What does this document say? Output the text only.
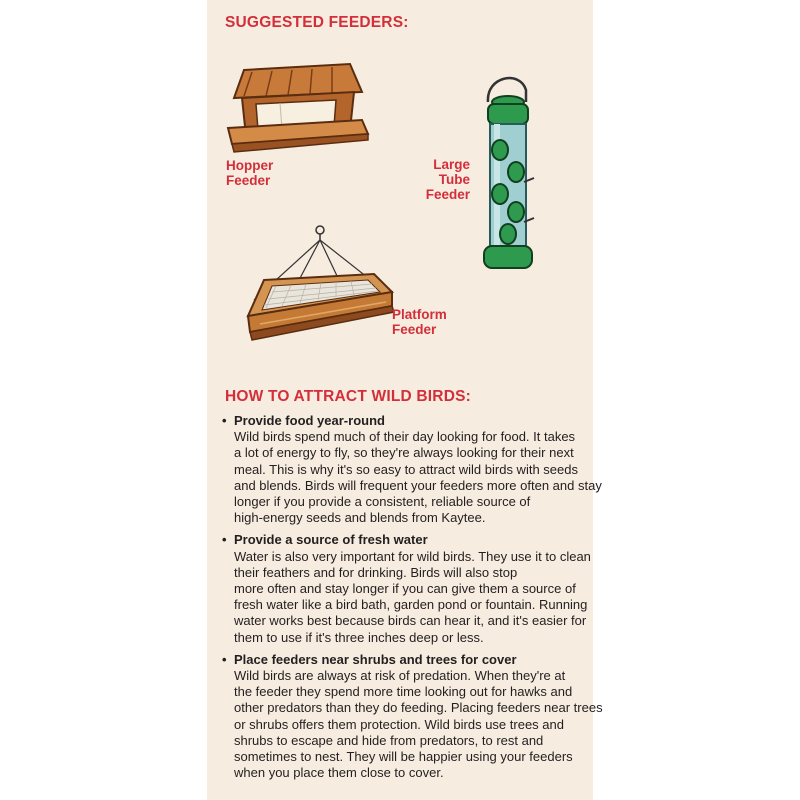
SUGGESTED FEEDERS:
Hopper
Feeder
Large
Tube
Feeder
Platform
Feeder
HOW TO ATTRACT WILD BIRDS:
• Provide food year-round
Wild birds spend much of their day looking for food. It takes
a lot of energy to fly, so they're always looking for their next
meal. This is why it's so easy to attract wild birds with seeds
and blends. Birds will frequent your feeders more often and stay
longer if you provide a consistent, reliable source of
high-energy seeds and blends from Kaytee.
• Provide a source of fresh water
Water is also very important for wild birds. They use it to clean
their feathers and for drinking. Birds will also stop
more often and stay longer if you can give them a source of
fresh water like a bird bath, garden pond or fountain. Running
water works best because birds can hear it, and it's easier for
them to use if it's three inches deep or less.
• Place feeders near shrubs and trees for cover
Wild birds are always at risk of predation. When they're at
the feeder they spend more time looking out for hawks and
other predators than they do feeding. Placing feeders near trees
or shrubs offers them protection. Wild birds use trees and
shrubs to escape and hide from predators, to rest and
sometimes to nest. They will be happier using your feeders
when you place them close to cover.
